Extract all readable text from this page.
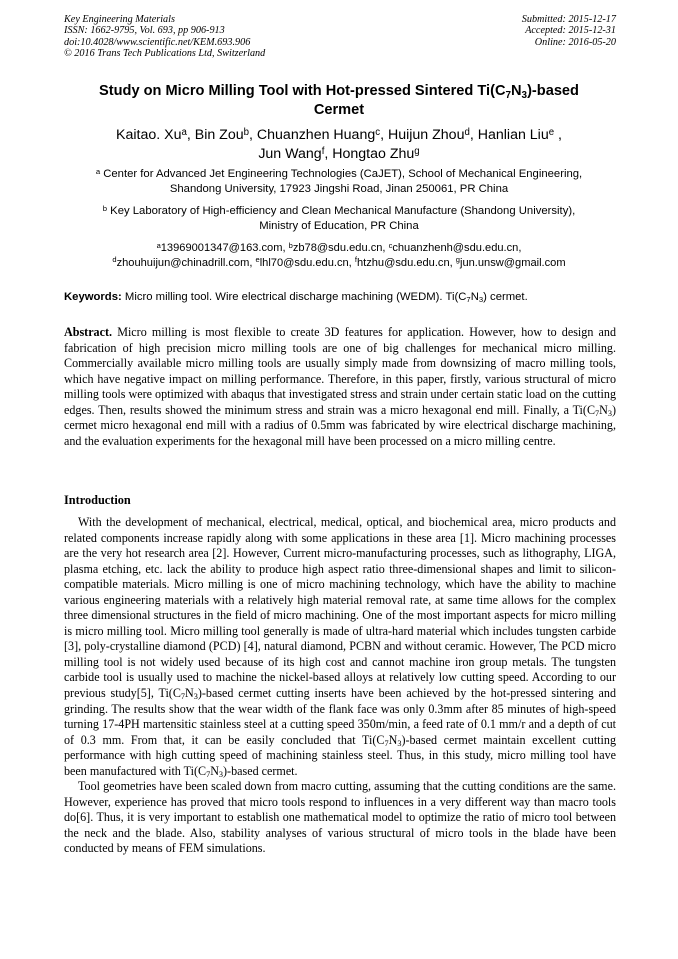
Key Engineering Materials
ISSN: 1662-9795, Vol. 693, pp 906-913
doi:10.4028/www.scientific.net/KEM.693.906
© 2016 Trans Tech Publications Ltd, Switzerland
Submitted: 2015-12-17
Accepted: 2015-12-31
Online: 2016-05-20
Study on Micro Milling Tool with Hot-pressed Sintered $Ti(C_7N_3)$-based
Cermet
Kaitao. Xu$^a$, Bin Zou$^b$, Chuanzhen Huang$^c$, Huijun Zhou$^d$, Hanlian Liu$^e$ ,
Jun Wang$^f$, Hongtao Zhu$^g$
$^a$ Center for Advanced Jet Engineering Technologies (CaJET), School of Mechanical Engineering,
Shandong University, 17923 Jingshi Road, Jinan 250061, PR China
$^b$ Key Laboratory of High-efficiency and Clean Mechanical Manufacture (Shandong University),
Ministry of Education, PR China
$^a$13969001347@163.com, $^b$zb78@sdu.edu.cn, $^c$chuanzhenh@sdu.edu.cn,
$^d$zhouhuijun@chinadrill.com, $^e$lhl70@sdu.edu.cn, $^f$htzhu@sdu.edu.cn, $^g$jun.unsw@gmail.com
Keywords: Micro milling tool. Wire electrical discharge machining (WEDM). $Ti(C_7N_3)$ cermet.
Abstract. Micro milling is most flexible to create 3D features for application. However, how to design and fabrication of high precision micro milling tools are one of big challenges for mechanical micro milling. Commercially available micro milling tools are usually simply made from downsizing of macro milling tools, which have negative impact on milling performance. Therefore, in this paper, firstly, various structural of micro milling tools were optimized with abaqus that investigated stress and strain under certain static load on the cutting edges. Then, results showed the minimum stress and strain was a micro hexagonal end mill. Finally, a $Ti(C_7N_3)$ cermet micro hexagonal end mill with a radius of 0.5mm was fabricated by wire electrical discharge machining, and the evaluation experiments for the hexagonal mill have been processed on a micro milling centre.
Introduction

With the development of mechanical, electrical, medical, optical, and biochemical area, micro products and related components increase rapidly along with some applications in these area [1]. Micro machining processes are the very hot research area [2]. However, Current micro-manufacturing processes, such as lithography, LIGA, plasma etching, etc. lack the ability to produce high aspect ratio three-dimensional shapes and limit to silicon-compatible materials. Micro milling is one of micro machining technology, which have the ability to machine various engineering materials with a relatively high material removal rate, at same time allows for the complex three dimensional structures in the field of micro machining. One of the most important aspects for micro milling is micro milling tool. Micro milling tool generally is made of ultra-hard material which includes tungsten carbide [3], poly-crystalline diamond (PCD) [4], natural diamond, PCBN and without ceramic. However, The PCD micro milling tool is not widely used because of its high cost and cannot machine iron group metals. The tungsten carbide tool is usually used to machine the nickel-based alloys at relatively low cutting speed. According to our previous study[5], $Ti(C_7N_3)$-based cermet cutting inserts have been achieved by the hot-pressed sintering and grinding. The results show that the wear width of the flank face was only 0.3mm after 85 minutes of high-speed turning 17-4PH martensitic stainless steel at a cutting speed 350m/min, a feed rate of 0.1 mm/r and a depth of cut of 0.3 mm. From that, it can be easily concluded that $Ti(C_7N_3)$-based cermet maintain excellent cutting performance with high cutting speed of machining stainless steel. Thus, in this study, micro milling tool have been manufactured with $Ti(C_7N_3)$-based cermet.

Tool geometries have been scaled down from macro cutting, assuming that the cutting conditions are the same. However, experience has proved that micro tools respond to influences in a very different way than macro tools do[6]. Thus, it is very important to establish one mathematical model to optimize the ratio of micro tool between the neck and the blade. Also, stability analyses of various structural of micro tools in the blade have been conducted by means of FEM simulations.
